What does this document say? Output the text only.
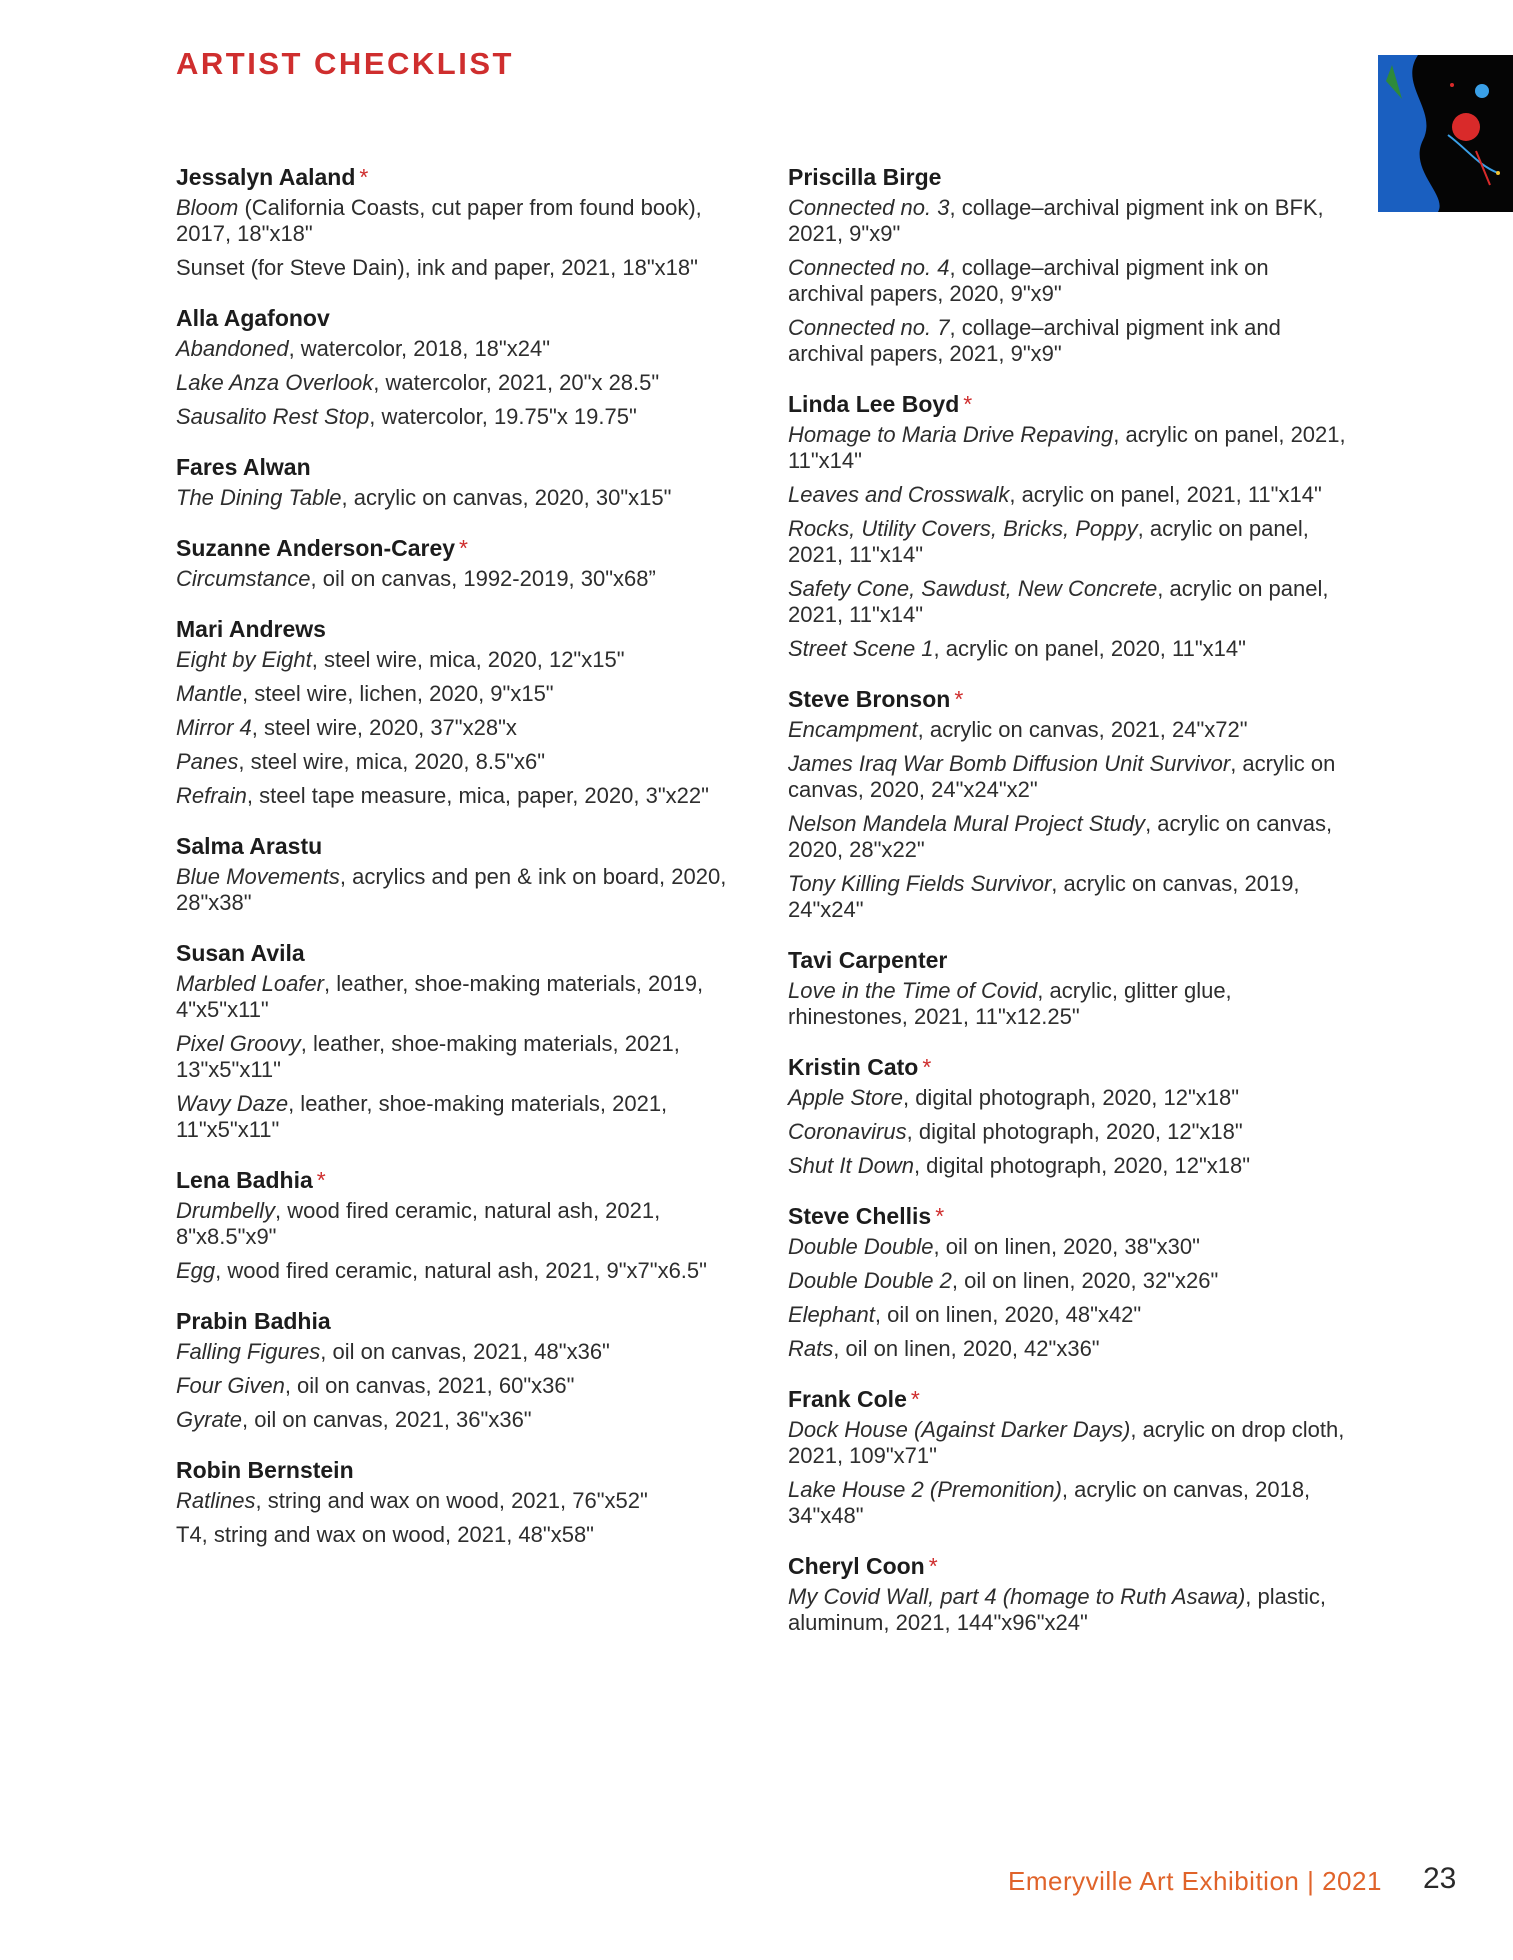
ARTIST CHECKLIST
Jessalyn Aaland *

Bloom (California Coasts, cut paper from found book), 2017, 18"x18"

Sunset (for Steve Dain), ink and paper, 2021, 18"x18"

Alla Agafonov

Abandoned, watercolor, 2018, 18"x24"

Lake Anza Overlook, watercolor, 2021, 20"x 28.5"

Sausalito Rest Stop, watercolor, 19.75"x 19.75"

Fares Alwan

The Dining Table, acrylic on canvas, 2020, 30"x15"

Suzanne Anderson-Carey *

Circumstance, oil on canvas, 1992-2019, 30"x68”

Mari Andrews

Eight by Eight, steel wire, mica, 2020, 12"x15"

Mantle, steel wire, lichen, 2020, 9"x15"

Mirror 4, steel wire, 2020, 37"x28"x

Panes, steel wire, mica, 2020, 8.5"x6"

Refrain, steel tape measure, mica, paper, 2020, 3"x22"

Salma Arastu

Blue Movements, acrylics and pen & ink on board, 2020, 28"x38"

Susan Avila

Marbled Loafer, leather, shoe-making materials, 2019, 4"x5"x11"

Pixel Groovy, leather, shoe-making materials, 2021, 13"x5"x11"

Wavy Daze, leather, shoe-making materials, 2021, 11"x5"x11"

Lena Badhia *

Drumbelly, wood fired ceramic, natural ash, 2021, 8"x8.5"x9"

Egg, wood fired ceramic, natural ash, 2021, 9"x7"x6.5"

Prabin Badhia

Falling Figures, oil on canvas, 2021, 48"x36"

Four Given, oil on canvas, 2021, 60"x36"

Gyrate, oil on canvas, 2021, 36"x36"

Robin Bernstein

Ratlines, string and wax on wood, 2021, 76"x52"

T4, string and wax on wood, 2021, 48"x58"

Priscilla Birge

Connected no. 3, collage–archival pigment ink on BFK, 2021, 9"x9"

Connected no. 4, collage–archival pigment ink on archival papers, 2020, 9"x9"

Connected no. 7, collage–archival pigment ink and archival papers, 2021, 9"x9"

Linda Lee Boyd *

Homage to Maria Drive Repaving, acrylic on panel, 2021, 11"x14"

Leaves and Crosswalk, acrylic on panel, 2021, 11"x14"

Rocks, Utility Covers, Bricks, Poppy, acrylic on panel, 2021, 11"x14"

Safety Cone, Sawdust, New Concrete, acrylic on panel, 2021, 11"x14"

Street Scene 1, acrylic on panel, 2020, 11"x14"

Steve Bronson *

Encampment, acrylic on canvas, 2021, 24"x72"

James Iraq War Bomb Diffusion Unit Survivor, acrylic on canvas, 2020, 24"x24"x2"

Nelson Mandela Mural Project Study, acrylic on canvas, 2020, 28"x22"

Tony Killing Fields Survivor, acrylic on canvas, 2019, 24"x24"

Tavi Carpenter

Love in the Time of Covid, acrylic, glitter glue, rhinestones, 2021, 11"x12.25"

Kristin Cato *

Apple Store, digital photograph, 2020, 12"x18"

Coronavirus, digital photograph, 2020, 12"x18"

Shut It Down, digital photograph, 2020, 12"x18"

Steve Chellis *

Double Double, oil on linen, 2020, 38"x30"

Double Double 2, oil on linen, 2020, 32"x26"

Elephant, oil on linen, 2020, 48"x42"

Rats, oil on linen, 2020, 42"x36"

Frank Cole *

Dock House (Against Darker Days), acrylic on drop cloth, 2021, 109"x71"

Lake House 2 (Premonition), acrylic on canvas, 2018, 34"x48"

Cheryl Coon *

My Covid Wall, part 4 (homage to Ruth Asawa), plastic, aluminum, 2021, 144"x96"x24"

Emeryville Art Exhibition | 2021 23
